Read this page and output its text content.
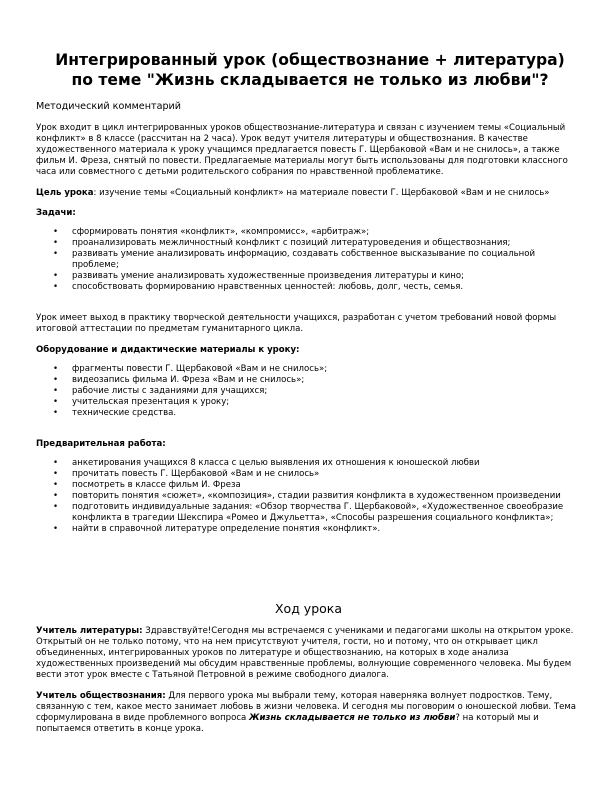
Интегрированный урок (обществознание + литература)
по теме "Жизнь складывается не только из любви"?

Методический комментарий

Урок входит в цикл интегрированных уроков обществознание-литература и связан с изучением темы «Социальный конфликт» в 8 классе (рассчитан на 2 часа). Урок ведут учителя литературы и обществознания. В качестве художественного материала к уроку учащимся предлагается повесть Г. Щербаковой «Вам и не снилось», а также фильм И. Фреза, снятый по повести. Предлагаемые материалы могут быть использованы для подготовки классного часа или совместного с детьми родительского собрания по нравственной проблематике.

Цель урока: изучение темы «Социальный конфликт» на материале повести Г. Щербаковой «Вам и не снилось»

Задачи:

• сформировать понятия «конфликт», «компромисс», «арбитраж»;
• проанализировать межличностный конфликт с позиций литературоведения и обществознания;
• развивать умение анализировать информацию, создавать собственное высказывание по социальной проблеме;
• развивать умение анализировать художественные произведения литературы и кино;
• способствовать формированию нравственных ценностей: любовь, долг, честь, семья.

Урок имеет выход в практику творческой деятельности учащихся, разработан с учетом требований новой формы итоговой аттестации по предметам гуманитарного цикла.

Оборудование и дидактические материалы к уроку:

• фрагменты повести Г. Щербаковой «Вам и не снилось»;
• видеозапись фильма И. Фреза «Вам и не снилось»;
• рабочие листы с заданиями для учащихся;
• учительская презентация к уроку;
• технические средства.

Предварительная работа:

• анкетирования учащихся 8 класса с целью выявления их отношения к юношеской любви
• прочитать повесть Г. Щербаковой «Вам и не снилось»
• посмотреть в классе фильм И. Фреза
• повторить понятия «сюжет», «композиция», стадии развития конфликта в художественном произведении
• подготовить индивидуальные задания: «Обзор творчества Г. Щербаковой», «Художественное своеобразие конфликта в трагедии Шекспира «Ромео и Джульетта», «Способы разрешения социального конфликта»;
• найти в справочной литературе определение понятия «конфликт».
Ход урока

Учитель литературы: Здравствуйте!Сегодня мы встречаемся с учениками и педагогами школы на открытом уроке. Открытый он не только потому, что на нем присутствуют учителя, гости, но и потому, что он открывает цикл объединенных, интегрированных уроков по литературе и обществознанию, на которых в ходе анализа художественных произведений мы обсудим нравственные проблемы, волнующие современного человека. Мы будем вести этот урок вместе с Татьяной Петровной в режиме свободного диалога.

Учитель обществознания: Для первого урока мы выбрали тему, которая наверняка волнует подростков. Тему, связанную с тем, какое место занимает любовь в жизни человека. И сегодня мы поговорим о юношеской любви. Тема сформулирована в виде проблемного вопроса Жизнь складывается не только из любви? на который мы и попытаемся ответить в конце урока.
